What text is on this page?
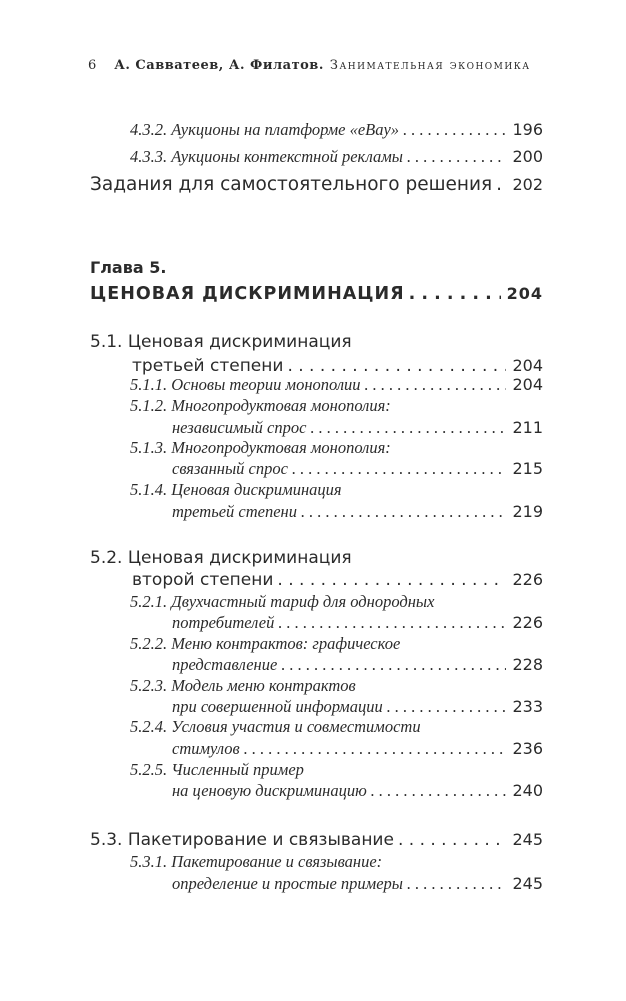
6 А. Савватеев, А. Филатов. Занимательная экономика
4.3.2. Аукционы на платформе «eBay» . . .	196
4.3.3. Аукционы контекстной рекламы . . .	200
Задания для самостоятельного решения . . . 202
Глава 5.
ЦЕНОВАЯ ДИСКРИМИНАЦИЯ . . .	204
5.1. Ценовая дискриминация
третьей степени . . .	204
5.1.1. Основы теории монополии . . .	204
5.1.2. Многопродуктовая монополия:
независимый спрос . . .	211
5.1.3. Многопродуктовая монополия:
связанный спрос . . .	215
5.1.4. Ценовая дискриминация
третьей степени . . .	219
5.2. Ценовая дискриминация
второй степени . . .	226
5.2.1. Двухчастный тариф для однородных
потребителей . . .	226
5.2.2. Меню контрактов: графическое
представление . . .	228
5.2.3. Модель меню контрактов
при совершенной информации . . .	233
5.2.4. Условия участия и совместимости
стимулов . . .	236
5.2.5. Численный пример
на ценовую дискриминацию . . .	240
5.3. Пакетирование и связывание . . .	245
5.3.1. Пакетирование и связывание:
определение и простые примеры . . .	245
